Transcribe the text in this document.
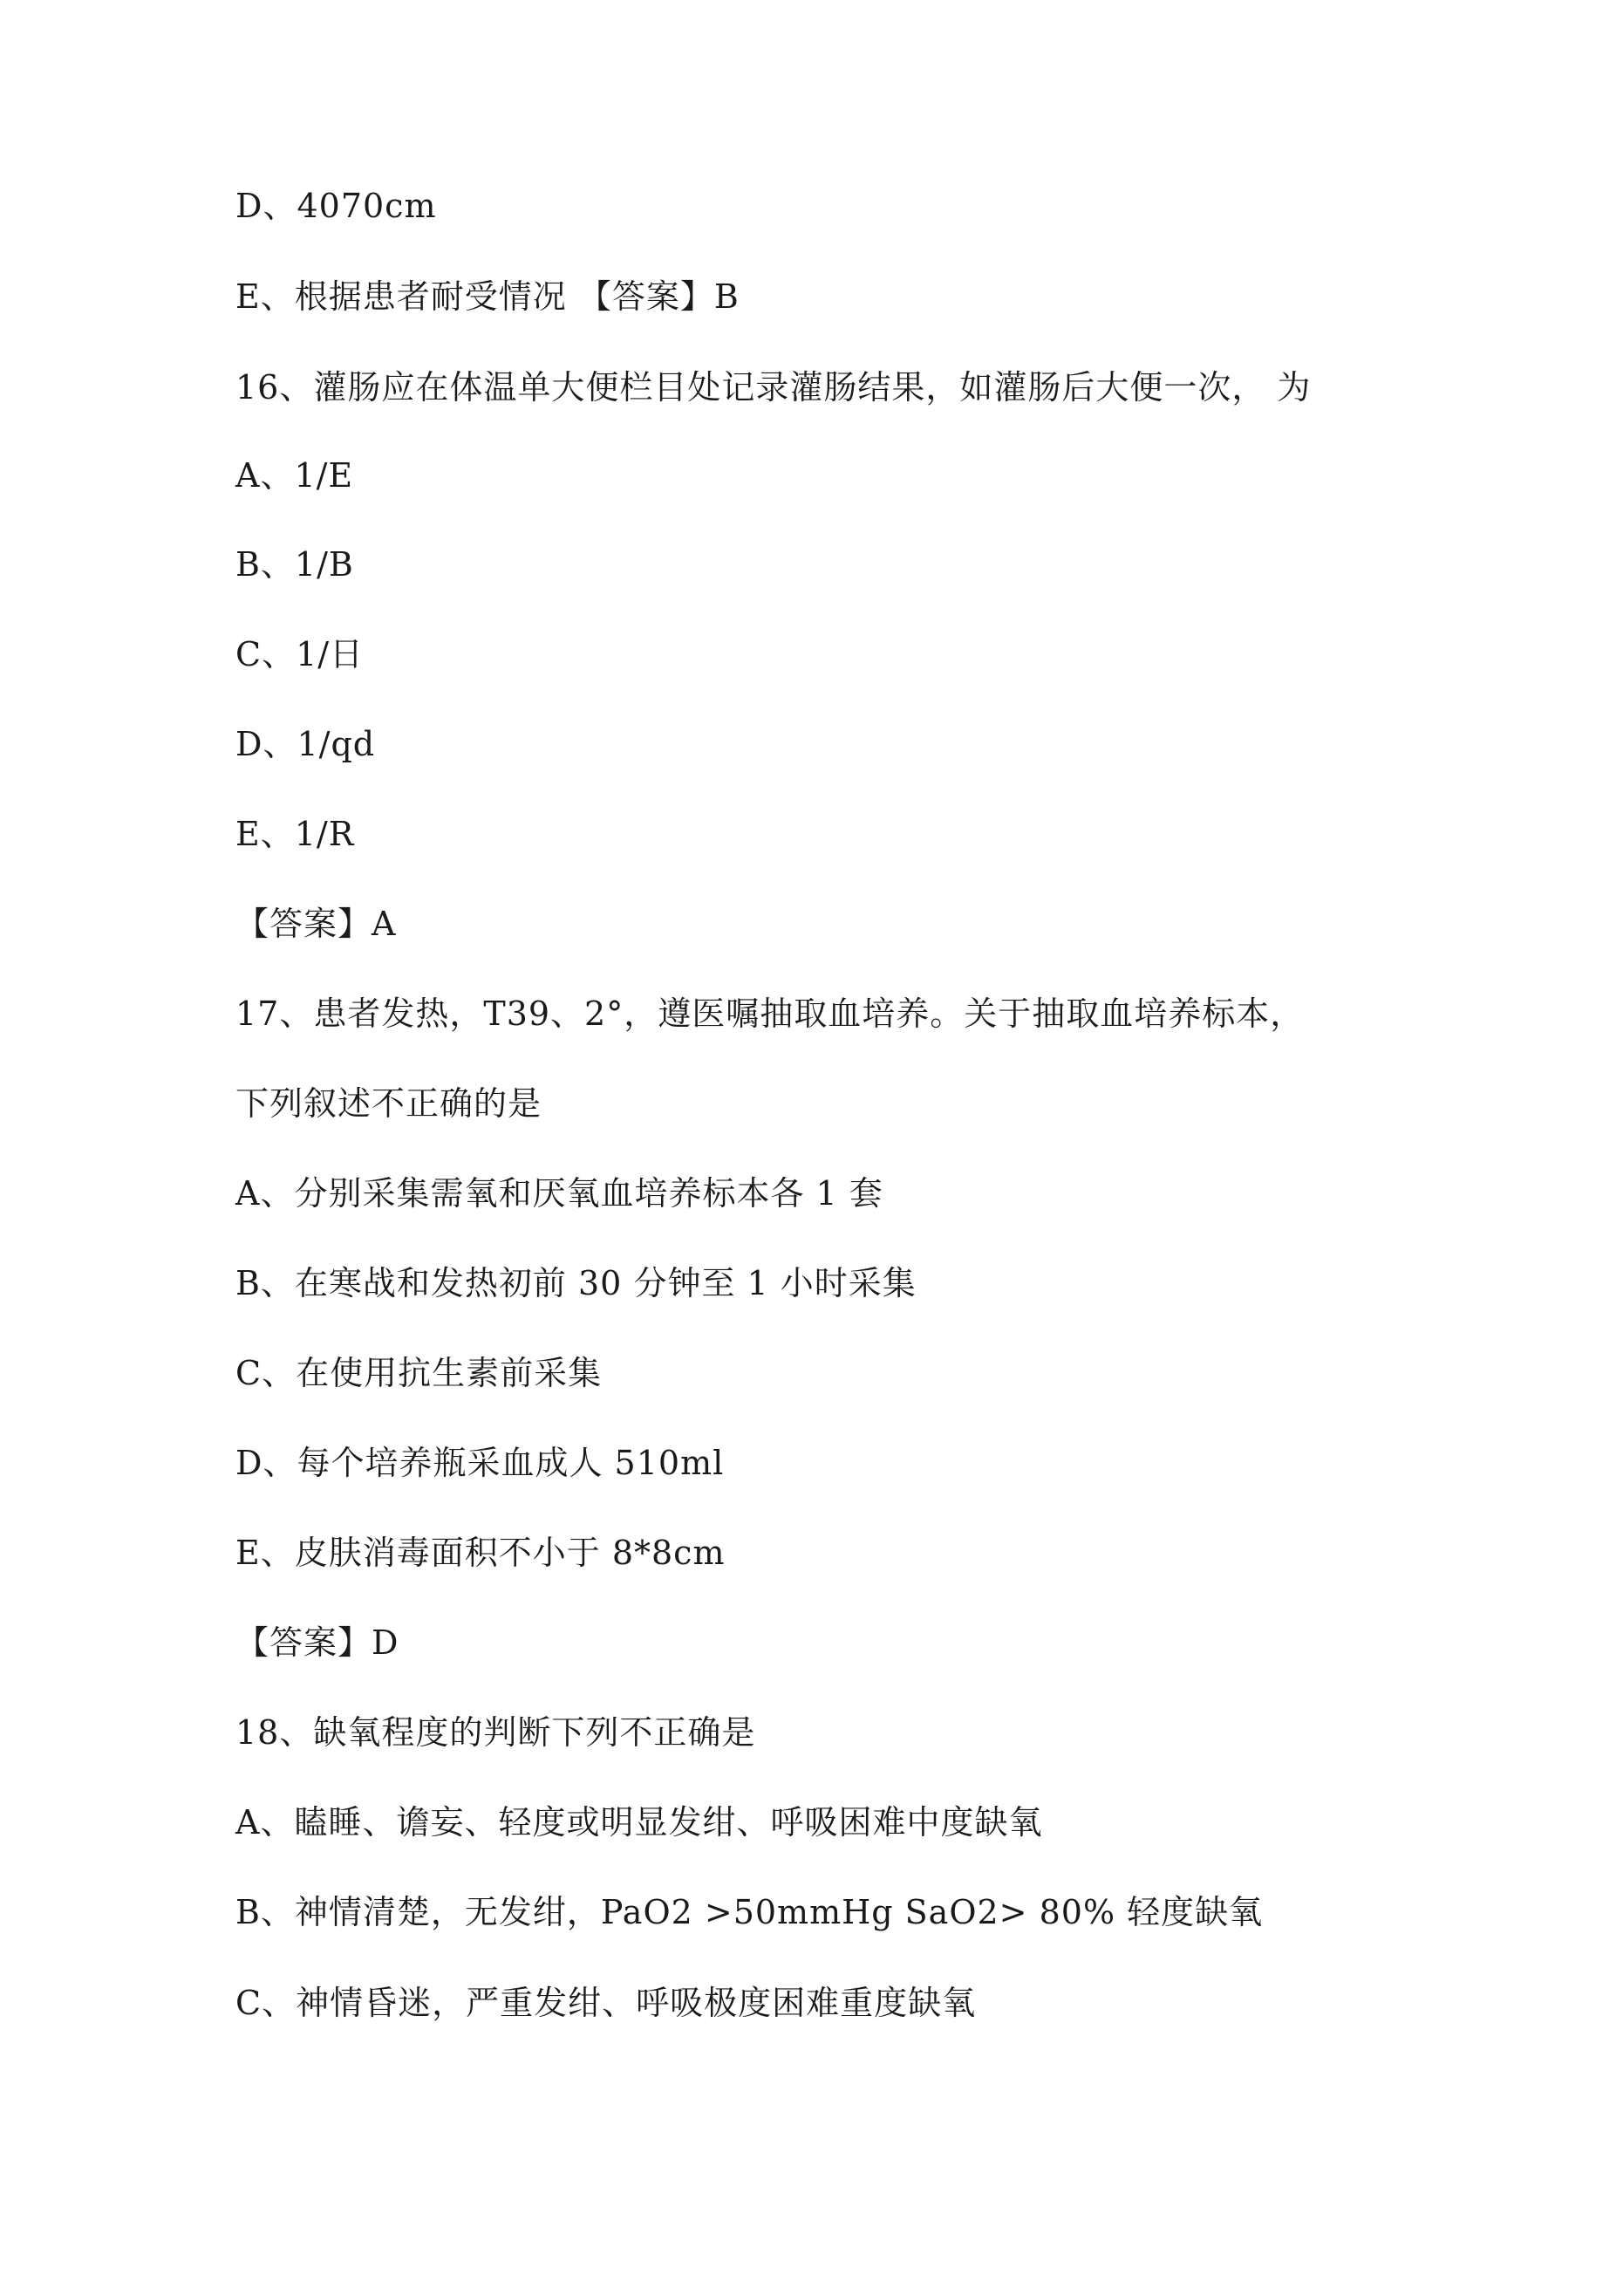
D、4070cm

E、根据患者耐受情况 【答案】B

16、灌肠应在体温单大便栏目处记录灌肠结果，如灌肠后大便一次， 为

A、1/E

B、1/B

C、1/日

D、1/qd

E、1/R

【答案】A

17、患者发热，T39、2°，遵医嘱抽取血培养。关于抽取血培养标本，

下列叙述不正确的是

A、分别采集需氧和厌氧血培养标本各 1 套

B、在寒战和发热初前 30 分钟至 1 小时采集

C、在使用抗生素前采集

D、每个培养瓶采血成人 510ml

E、皮肤消毒面积不小于 8*8cm

【答案】D

18、缺氧程度的判断下列不正确是

A、瞌睡、谵妄、轻度或明显发绀、呼吸困难中度缺氧

B、神情清楚，无发绀，PaO2 >50mmHg SaO2> 80% 轻度缺氧

C、神情昏迷，严重发绀、呼吸极度困难重度缺氧
